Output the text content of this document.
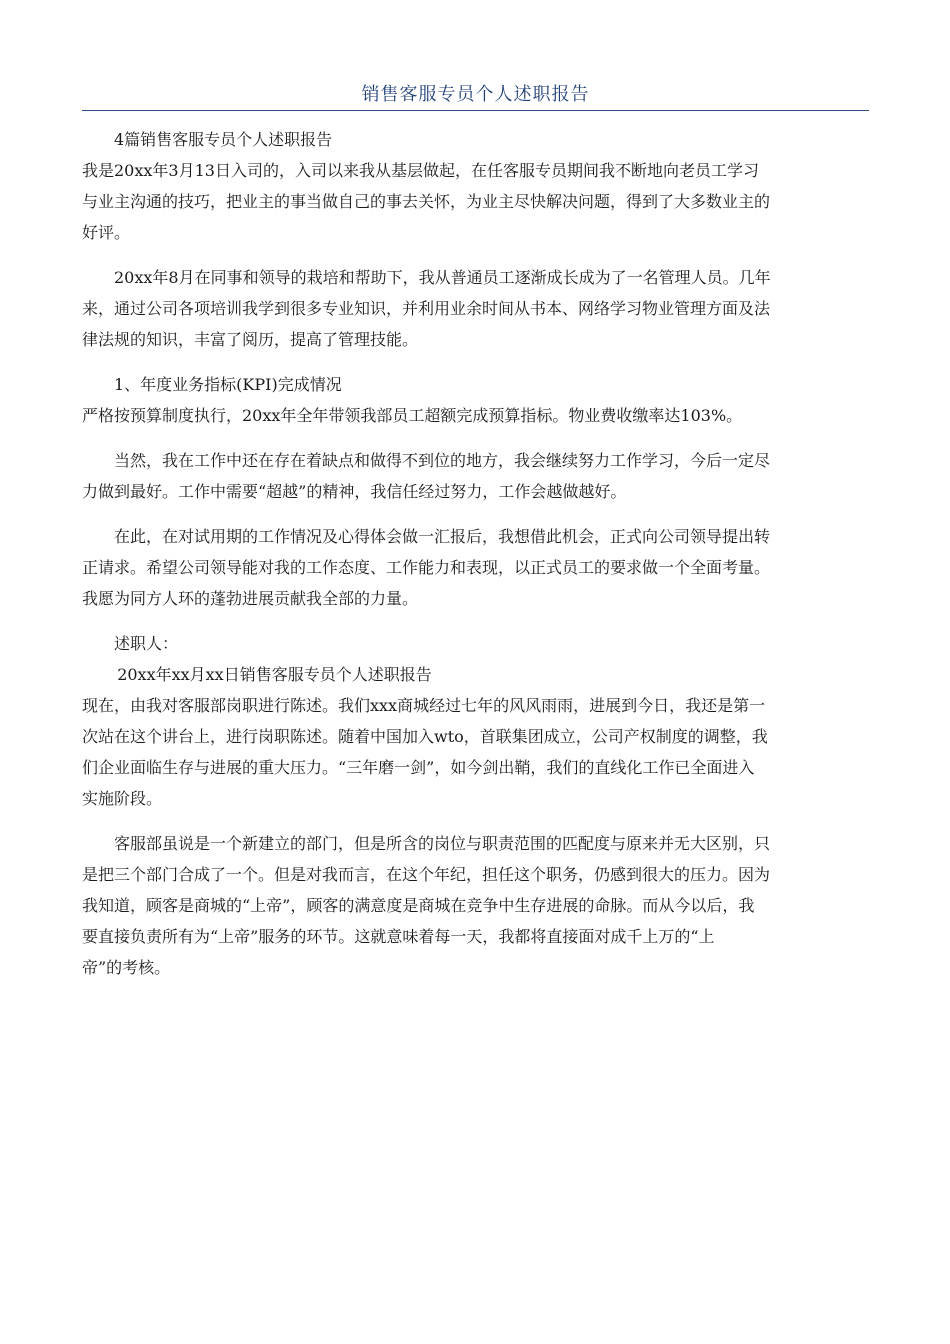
销售客服专员个人述职报告

4篇销售客服专员个人述职报告

我是20xx年3月13日入司的，入司以来我从基层做起，在任客服专员期间我不断地向老员工学习
与业主沟通的技巧，把业主的事当做自己的事去关怀，为业主尽快解决问题，得到了大多数业主的
好评。

20xx年8月在同事和领导的栽培和帮助下，我从普通员工逐渐成长成为了一名管理人员。几年
来，通过公司各项培训我学到很多专业知识，并利用业余时间从书本、网络学习物业管理方面及法
律法规的知识，丰富了阅历，提高了管理技能。

1、年度业务指标(KPI)完成情况

严格按预算制度执行，20xx年全年带领我部员工超额完成预算指标。物业费收缴率达103%。

当然，我在工作中还在存在着缺点和做得不到位的地方，我会继续努力工作学习，今后一定尽
力做到最好。工作中需要“超越”的精神，我信任经过努力，工作会越做越好。

在此，在对试用期的工作情况及心得体会做一汇报后，我想借此机会，正式向公司领导提出转
正请求。希望公司领导能对我的工作态度、工作能力和表现，以正式员工的要求做一个全面考量。
我愿为同方人环的蓬勃进展贡献我全部的力量。

述职人：

20xx年xx月xx日销售客服专员个人述职报告

现在，由我对客服部岗职进行陈述。我们xxx商城经过七年的风风雨雨，进展到今日，我还是第一
次站在这个讲台上，进行岗职陈述。随着中国加入wto，首联集团成立，公司产权制度的调整，我
们企业面临生存与进展的重大压力。“三年磨一剑”，如今剑出鞘，我们的直线化工作已全面进入
实施阶段。

客服部虽说是一个新建立的部门，但是所含的岗位与职责范围的匹配度与原来并无大区别，只
是把三个部门合成了一个。但是对我而言，在这个年纪，担任这个职务，仍感到很大的压力。因为
我知道，顾客是商城的“上帝”，顾客的满意度是商城在竞争中生存进展的命脉。而从今以后，我
要直接负责所有为“上帝”服务的环节。这就意味着每一天，我都将直接面对成千上万的“上
帝”的考核。
